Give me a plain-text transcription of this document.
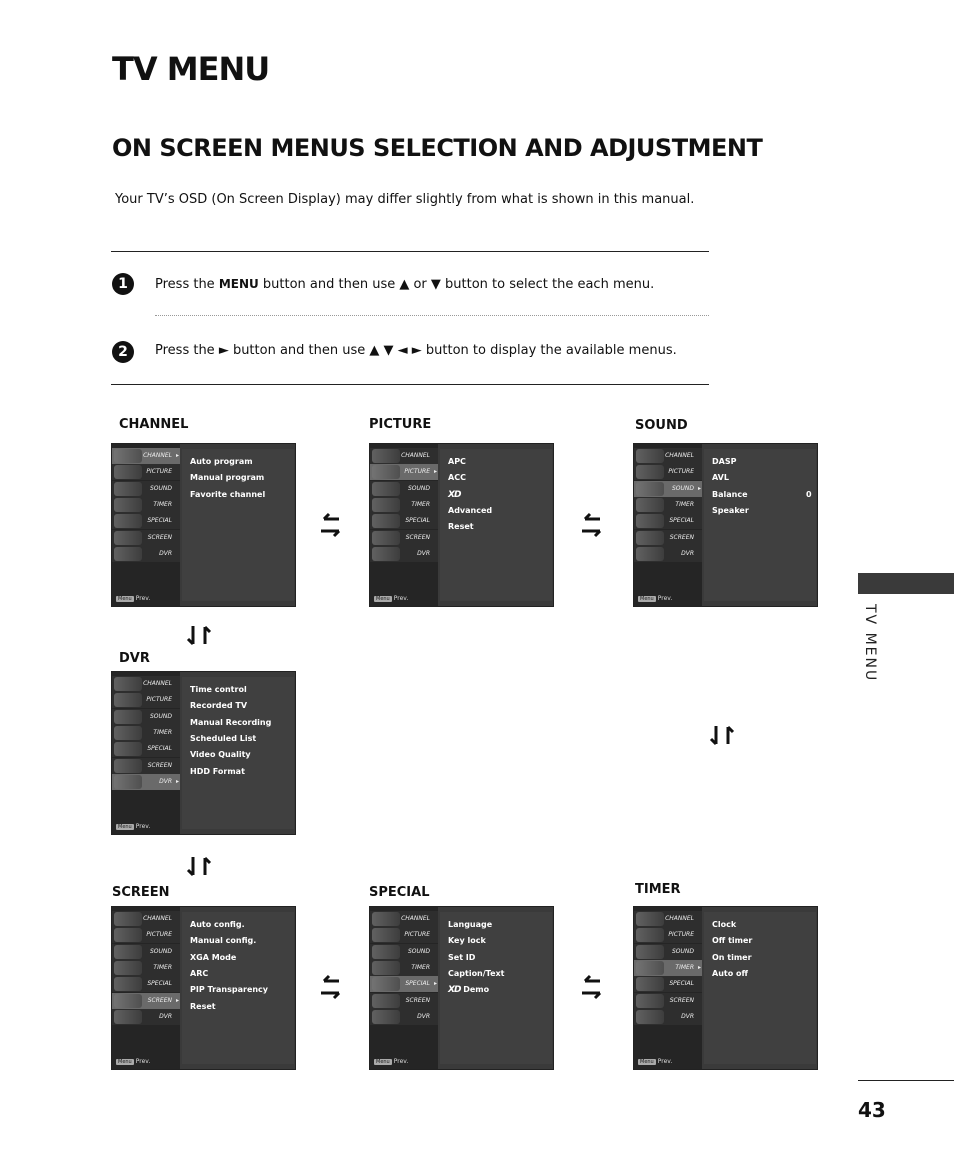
TV MENU
ON SCREEN MENUS SELECTION AND ADJUSTMENT
Your TV’s OSD (On Screen Display) may differ slightly from what is shown in this manual.
1	Press the MENU button and then use ▲ or ▼ button to select the each menu.
2	Press the ► button and then use ▲ ▼ ◄ ► button to display the available menus.
CHANNEL	PICTURE	SOUND
DVR
SCREEN	SPECIAL	TIMER
CHANNEL ▸
PICTURE
SOUND
TIMER
SPECIAL
SCREEN
DVR
Menu Prev.
Auto program
Manual program
Favorite channel
CHANNEL
PICTURE ▸
SOUND
TIMER
SPECIAL
SCREEN
DVR
Menu Prev.
APC
ACC
XD
Advanced
Reset
CHANNEL
PICTURE
SOUND ▸
TIMER
SPECIAL
SCREEN
DVR
Menu Prev.
DASP
AVL
Balance	0
Speaker
CHANNEL
PICTURE
SOUND
TIMER
SPECIAL
SCREEN
DVR ▸
Menu Prev.
Time control
Recorded TV
Manual Recording
Scheduled List
Video Quality
HDD Format
CHANNEL
PICTURE
SOUND
TIMER
SPECIAL
SCREEN ▸
DVR
Menu Prev.
Auto config.
Manual config.
XGA Mode
ARC
PIP Transparency
Reset
CHANNEL
PICTURE
SOUND
TIMER
SPECIAL ▸
SCREEN
DVR
Menu Prev.
Language
Key lock
Set ID
Caption/Text
XD Demo
CHANNEL
PICTURE
SOUND
TIMER ▸
SPECIAL
SCREEN
DVR
Menu Prev.
Clock
Off timer
On timer
Auto off
TV MENU
43
